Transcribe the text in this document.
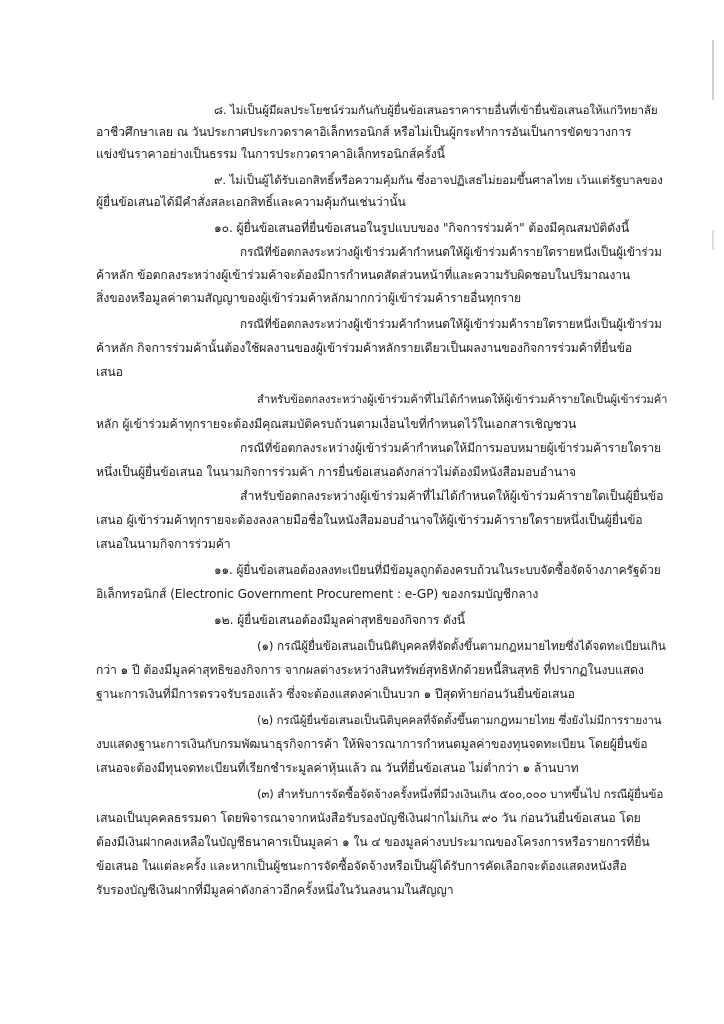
๘. ไม่เป็นผู้มีผลประโยชน์ร่วมกันกับผู้ยื่นข้อเสนอราคารายอื่นที่เข้ายื่นข้อเสนอให้แก่วิทยาลัย
อาชีวศึกษาเลย ณ วันประกาศประกวดราคาอิเล็กทรอนิกส์ หรือไม่เป็นผู้กระทำการอันเป็นการขัดขวางการ
แข่งขันราคาอย่างเป็นธรรม ในการประกวดราคาอิเล็กทรอนิกส์ครั้งนี้
๙. ไม่เป็นผู้ได้รับเอกสิทธิ์หรือความคุ้มกัน ซึ่งอาจปฏิเสธไม่ยอมขึ้นศาลไทย เว้นแต่รัฐบาลของ
ผู้ยื่นข้อเสนอได้มีคำสั่งสละเอกสิทธิ์และความคุ้มกันเช่นว่านั้น
๑๐. ผู้ยื่นข้อเสนอที่ยื่นข้อเสนอในรูปแบบของ "กิจการร่วมค้า" ต้องมีคุณสมบัติดังนี้
กรณีที่ข้อตกลงระหว่างผู้เข้าร่วมค้ากำหนดให้ผู้เข้าร่วมค้ารายใดรายหนึ่งเป็นผู้เข้าร่วม
ค้าหลัก ข้อตกลงระหว่างผู้เข้าร่วมค้าจะต้องมีการกำหนดสัดส่วนหน้าที่และความรับผิดชอบในปริมาณงาน
สิ่งของหรือมูลค่าตามสัญญาของผู้เข้าร่วมค้าหลักมากกว่าผู้เข้าร่วมค้ารายอื่นทุกราย
กรณีที่ข้อตกลงระหว่างผู้เข้าร่วมค้ากำหนดให้ผู้เข้าร่วมค้ารายใดรายหนึ่งเป็นผู้เข้าร่วม
ค้าหลัก กิจการร่วมค้านั้นต้องใช้ผลงานของผู้เข้าร่วมค้าหลักรายเดียวเป็นผลงานของกิจการร่วมค้าที่ยื่นข้อ
เสนอ
สำหรับข้อตกลงระหว่างผู้เข้าร่วมค้าที่ไม่ได้กำหนดให้ผู้เข้าร่วมค้ารายใดเป็นผู้เข้าร่วมค้า
หลัก ผู้เข้าร่วมค้าทุกรายจะต้องมีคุณสมบัติครบถ้วนตามเงื่อนไขที่กำหนดไว้ในเอกสารเชิญชวน
กรณีที่ข้อตกลงระหว่างผู้เข้าร่วมค้ากำหนดให้มีการมอบหมายผู้เข้าร่วมค้ารายใดราย
หนึ่งเป็นผู้ยื่นข้อเสนอ ในนามกิจการร่วมค้า การยื่นข้อเสนอดังกล่าวไม่ต้องมีหนังสือมอบอำนาจ
สำหรับข้อตกลงระหว่างผู้เข้าร่วมค้าที่ไม่ได้กำหนดให้ผู้เข้าร่วมค้ารายใดเป็นผู้ยื่นข้อ
เสนอ ผู้เข้าร่วมค้าทุกรายจะต้องลงลายมือชื่อในหนังสือมอบอำนาจให้ผู้เข้าร่วมค้ารายใดรายหนึ่งเป็นผู้ยื่นข้อ
เสนอในนามกิจการร่วมค้า
๑๑. ผู้ยื่นข้อเสนอต้องลงทะเบียนที่มีข้อมูลถูกต้องครบถ้วนในระบบจัดซื้อจัดจ้างภาครัฐด้วย
อิเล็กทรอนิกส์ (Electronic Government Procurement : e-GP) ของกรมบัญชีกลาง
๑๒. ผู้ยื่นข้อเสนอต้องมีมูลค่าสุทธิของกิจการ ดังนี้
(๑) กรณีผู้ยื่นข้อเสนอเป็นนิติบุคคลที่จัดตั้งขึ้นตามกฎหมายไทยซึ่งได้จดทะเบียนเกิน
กว่า ๑ ปี ต้องมีมูลค่าสุทธิของกิจการ จากผลต่างระหว่างสินทรัพย์สุทธิหักด้วยหนี้สินสุทธิ ที่ปรากฏในงบแสดง
ฐานะการเงินที่มีการตรวจรับรองแล้ว ซึ่งจะต้องแสดงค่าเป็นบวก ๑ ปีสุดท้ายก่อนวันยื่นข้อเสนอ
(๒) กรณีผู้ยื่นข้อเสนอเป็นนิติบุคคลที่จัดตั้งขึ้นตามกฎหมายไทย ซึ่งยังไม่มีการรายงาน
งบแสดงฐานะการเงินกับกรมพัฒนาธุรกิจการค้า ให้พิจารณาการกำหนดมูลค่าของทุนจดทะเบียน โดยผู้ยื่นข้อ
เสนอจะต้องมีทุนจดทะเบียนที่เรียกชำระมูลค่าหุ้นแล้ว ณ วันที่ยื่นข้อเสนอ ไม่ต่ำกว่า ๑ ล้านบาท
(๓) สำหรับการจัดซื้อจัดจ้างครั้งหนึ่งที่มีวงเงินเกิน ๕๐๐,๐๐๐ บาทขึ้นไป กรณีผู้ยื่นข้อ
เสนอเป็นบุคคลธรรมดา โดยพิจารณาจากหนังสือรับรองบัญชีเงินฝากไม่เกิน ๙๐ วัน ก่อนวันยื่นข้อเสนอ โดย
ต้องมีเงินฝากคงเหลือในบัญชีธนาคารเป็นมูลค่า ๑ ใน ๔ ของมูลค่างบประมาณของโครงการหรือรายการที่ยื่น
ข้อเสนอ ในแต่ละครั้ง และหากเป็นผู้ชนะการจัดซื้อจัดจ้างหรือเป็นผู้ได้รับการคัดเลือกจะต้องแสดงหนังสือ
รับรองบัญชีเงินฝากที่มีมูลค่าดังกล่าวอีกครั้งหนึ่งในวันลงนามในสัญญา
